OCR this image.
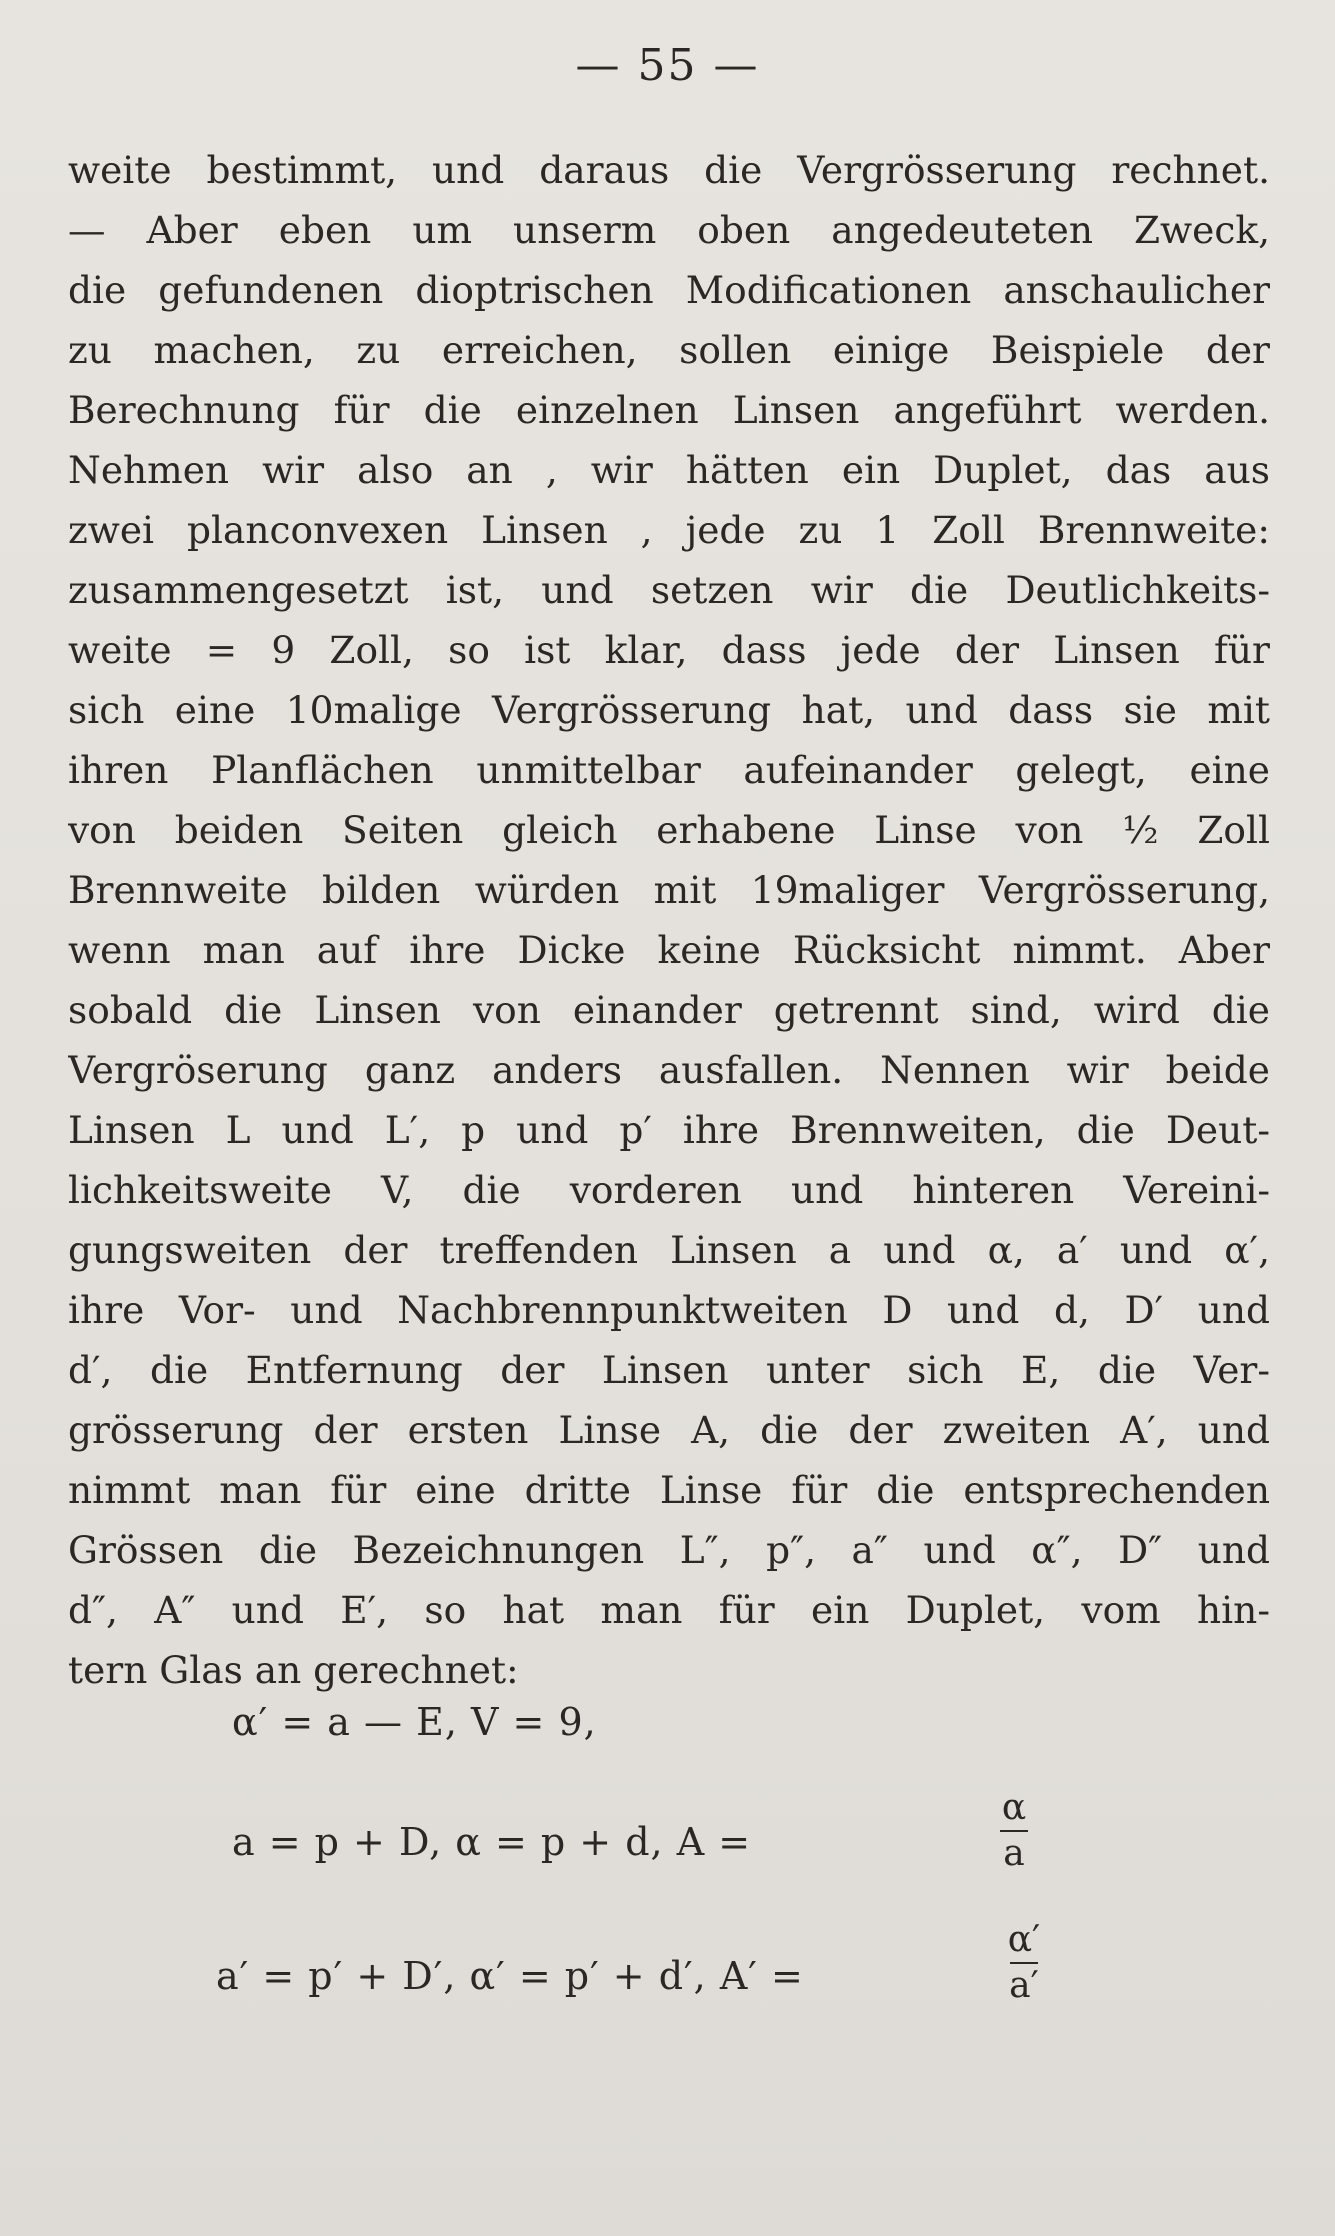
— 55 —
weite bestimmt, und daraus die Vergrösserung rechnet.
— Aber eben um unserm oben angedeuteten Zweck,
die gefundenen dioptrischen Modificationen anschaulicher
zu machen, zu erreichen, sollen einige Beispiele der
Berechnung für die einzelnen Linsen angeführt werden.
Nehmen wir also an , wir hätten ein Duplet, das aus
zwei planconvexen Linsen , jede zu 1 Zoll Brennweite:
zusammengesetzt ist, und setzen wir die Deutlichkeits-
weite = 9 Zoll, so ist klar, dass jede der Linsen für
sich eine 10malige Vergrösserung hat, und dass sie mit
ihren Planflächen unmittelbar aufeinander gelegt, eine
von beiden Seiten gleich erhabene Linse von ½ Zoll
Brennweite bilden würden mit 19maliger Vergrösserung,
wenn man auf ihre Dicke keine Rücksicht nimmt. Aber
sobald die Linsen von einander getrennt sind, wird die
Vergröserung ganz anders ausfallen. Nennen wir beide
Linsen L und L′, p und p′ ihre Brennweiten, die Deut-
lichkeitsweite V, die vorderen und hinteren Vereini-
gungsweiten der treffenden Linsen a und α, a′ und α′,
ihre Vor- und Nachbrennpunktweiten D und d, D′ und
d′, die Entfernung der Linsen unter sich E, die Ver-
grösserung der ersten Linse A, die der zweiten A′, und
nimmt man für eine dritte Linse für die entsprechenden
Grössen die Bezeichnungen L″, p″, a″ und α″, D″ und
d″, A″ und E′, so hat man für ein Duplet, vom hin-
tern Glas an gerechnet:
α′ = a — E, V = 9,
a = p + D, α = p + d, A =
α
a
a′ = p′ + D′, α′ = p′ + d′, A′ =
α′
a′
